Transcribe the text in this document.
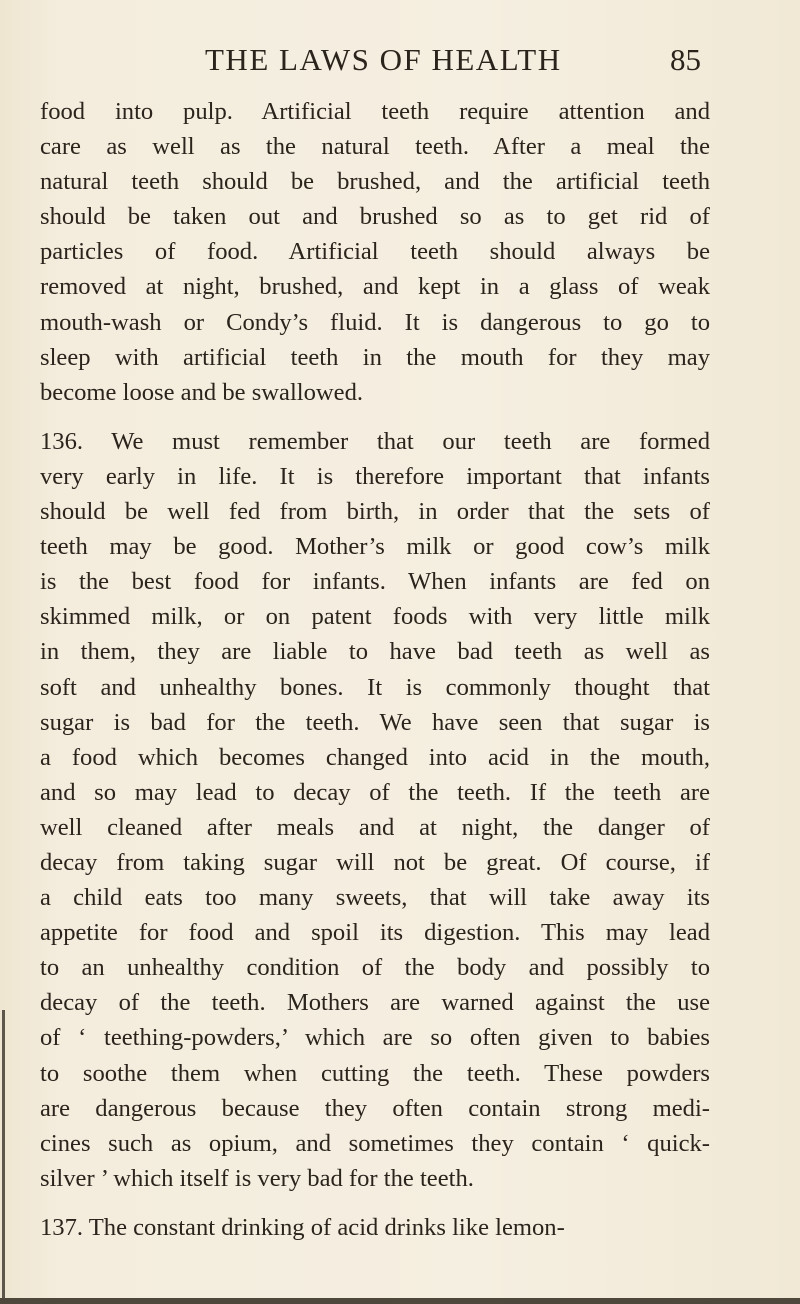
THE LAWS OF HEALTH	85
food into pulp. Artificial teeth require attention and
care as well as the natural teeth. After a meal the
natural teeth should be brushed, and the artificial teeth
should be taken out and brushed so as to get rid of
particles of food. Artificial teeth should always be
removed at night, brushed, and kept in a glass of weak
mouth-wash or Condy’s fluid. It is dangerous to go to
sleep with artificial teeth in the mouth for they may
become loose and be swallowed.
136. We must remember that our teeth are formed
very early in life. It is therefore important that infants
should be well fed from birth, in order that the sets of
teeth may be good. Mother’s milk or good cow’s milk
is the best food for infants. When infants are fed on
skimmed milk, or on patent foods with very little milk
in them, they are liable to have bad teeth as well as
soft and unhealthy bones. It is commonly thought that
sugar is bad for the teeth. We have seen that sugar is
a food which becomes changed into acid in the mouth,
and so may lead to decay of the teeth. If the teeth are
well cleaned after meals and at night, the danger of
decay from taking sugar will not be great. Of course, if
a child eats too many sweets, that will take away its
appetite for food and spoil its digestion. This may lead
to an unhealthy condition of the body and possibly to
decay of the teeth. Mothers are warned against the use
of ‘ teething-powders,’ which are so often given to babies
to soothe them when cutting the teeth. These powders
are dangerous because they often contain strong medi-
cines such as opium, and sometimes they contain ‘ quick-
silver ’ which itself is very bad for the teeth.
137. The constant drinking of acid drinks like lemon-
